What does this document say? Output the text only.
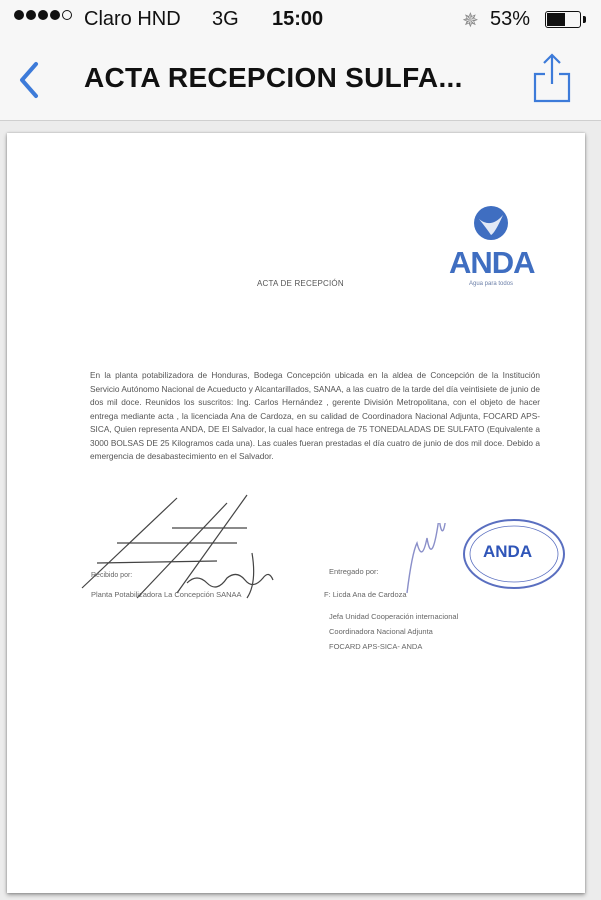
Claro HND 3G 15:00	✵ 53%
ACTA RECEPCION SULFA...
ANDA
Agua para todos
ACTA DE RECEPCIÓN
En la planta potabilizadora de Honduras, Bodega Concepción ubicada en la aldea de Concepción de la Institución Servicio Autónomo Nacional de Acueducto y Alcantarillados, SANAA, a las cuatro de la tarde del día veintisiete de junio de dos mil doce. Reunidos los suscritos: Ing. Carlos Hernández , gerente División Metropolitana, con el objeto de hacer entrega mediante acta , la licenciada Ana de Cardoza, en su calidad de Coordinadora Nacional Adjunta, FOCARD APS-SICA, Quien representa ANDA, DE El Salvador, la cual hace entrega de 75 TONEDALADAS DE SULFATO (Equivalente a 3000 BOLSAS DE 25 Kilogramos cada una). Las cuales fueran prestadas el día cuatro de junio de dos mil doce. Debido a emergencia de desabastecimiento en el Salvador.
Recibido por:
Planta Potabilizadora La Concepción SANAA
Entregado por:
F: Licda Ana de Cardoza
Jefa Unidad Cooperación internacional
Coordinadora Nacional Adjunta
FOCARD APS-SICA- ANDA
ANDA
